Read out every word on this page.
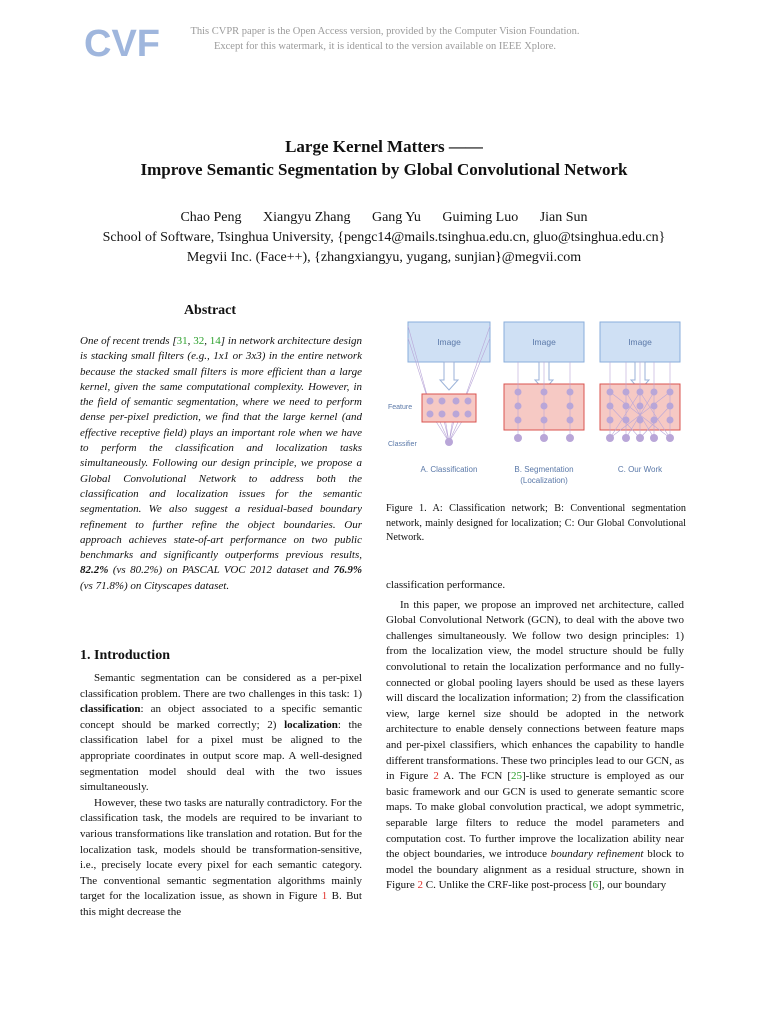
CVF	This CVPR paper is the Open Access version, provided by the Computer Vision Foundation.
Except for this watermark, it is identical to the version available on IEEE Xplore.
Large Kernel Matters ——
Improve Semantic Segmentation by Global Convolutional Network
Chao Peng Xiangyu Zhang Gang Yu Guiming Luo Jian Sun
School of Software, Tsinghua University, {pengc14@mails.tsinghua.edu.cn, gluo@tsinghua.edu.cn}
Megvii Inc. (Face++), {zhangxiangyu, yugang, sunjian}@megvii.com
Abstract
One of recent trends [31, 32, 14] in network architecture design is stacking small filters (e.g., 1x1 or 3x3) in the entire network because the stacked small filters is more efficient than a large kernel, given the same computational complexity. However, in the field of semantic segmentation, where we need to perform dense per-pixel prediction, we find that the large kernel (and effective receptive field) plays an important role when we have to perform the classification and localization tasks simultaneously. Following our design principle, we propose a Global Convolutional Network to address both the classification and localization issues for the semantic segmentation. We also suggest a residual-based boundary refinement to further refine the object boundaries. Our approach achieves state-of-art performance on two public benchmarks and significantly outperforms previous results, 82.2% (vs 80.2%) on PASCAL VOC 2012 dataset and 76.9% (vs 71.8%) on Cityscapes dataset.
1. Introduction

Semantic segmentation can be considered as a per-pixel classification problem. There are two challenges in this task: 1) classification: an object associated to a specific semantic concept should be marked correctly; 2) localization: the classification label for a pixel must be aligned to the appropriate coordinates in output score map. A well-designed segmentation model should deal with the two issues simultaneously.

However, these two tasks are naturally contradictory. For the classification task, the models are required to be invariant to various transformations like translation and rotation. But for the localization task, models should be transformation-sensitive, i.e., precisely locate every pixel for each semantic category. The conventional semantic segmentation algorithms mainly target for the localization issue, as shown in Figure 1 B. But this might decrease the

Image
Feature
Classifier
A. Classification
Image
B. Segmentation
(Localization)
Image
C. Our Work
Figure 1. A: Classification network; B: Conventional segmentation network, mainly designed for localization; C: Our Global Convolutional Network.

classification performance.

In this paper, we propose an improved net architecture, called Global Convolutional Network (GCN), to deal with the above two challenges simultaneously. We follow two design principles: 1) from the localization view, the model structure should be fully convolutional to retain the localization performance and no fully-connected or global pooling layers should be used as these layers will discard the localization information; 2) from the classification view, large kernel size should be adopted in the network architecture to enable densely connections between feature maps and per-pixel classifiers, which enhances the capability to handle different transformations. These two principles lead to our GCN, as in Figure 2 A. The FCN [25]-like structure is employed as our basic framework and our GCN is used to generate semantic score maps. To make global convolution practical, we adopt symmetric, separable large filters to reduce the model parameters and computation cost. To further improve the localization ability near the object boundaries, we introduce boundary refinement block to model the boundary alignment as a residual structure, shown in Figure 2 C. Unlike the CRF-like post-process [6], our boundary
